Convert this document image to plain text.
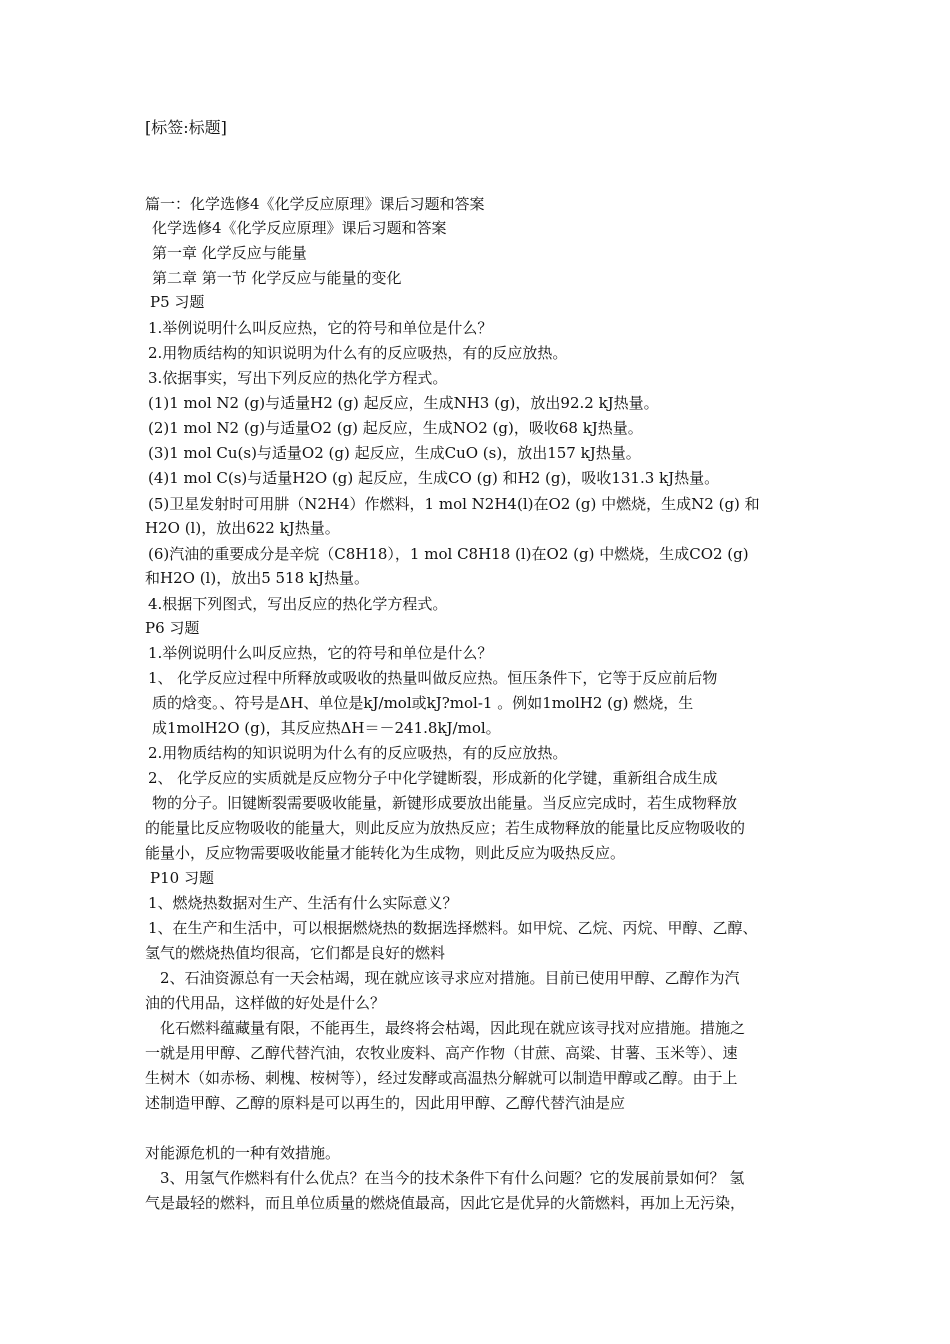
[标签:标题]
篇一：化学选修4《化学反应原理》课后习题和答案
化学选修4《化学反应原理》课后习题和答案
第一章 化学反应与能量
第二章 第一节 化学反应与能量的变化
P5 习题
1.举例说明什么叫反应热，它的符号和单位是什么？
2.用物质结构的知识说明为什么有的反应吸热，有的反应放热。
3.依据事实，写出下列反应的热化学方程式。
(1)1 mol N2 (g)与适量H2 (g) 起反应，生成NH3 (g)，放出92.2 kJ热量。
(2)1 mol N2 (g)与适量O2 (g) 起反应，生成NO2 (g)，吸收68 kJ热量。
(3)1 mol Cu(s)与适量O2 (g) 起反应，生成CuO (s)，放出157 kJ热量。
(4)1 mol C(s)与适量H2O (g) 起反应，生成CO (g) 和H2 (g)，吸收131.3 kJ热量。
(5)卫星发射时可用肼（N2H4）作燃料，1 mol N2H4(l)在O2 (g) 中燃烧，生成N2 (g) 和
H2O (l)，放出622 kJ热量。
(6)汽油的重要成分是辛烷（C8H18），1 mol C8H18 (l)在O2 (g) 中燃烧，生成CO2 (g)
和H2O (l)，放出5 518 kJ热量。
4.根据下列图式，写出反应的热化学方程式。
P6 习题
1.举例说明什么叫反应热，它的符号和单位是什么？
1、 化学反应过程中所释放或吸收的热量叫做反应热。恒压条件下，它等于反应前后物
质的焓变。、符号是ΔH、单位是kJ/mol或kJ?mol-1 。例如1molH2 (g) 燃烧，生
成1molH2O (g)，其反应热ΔH＝－241.8kJ/mol。
2.用物质结构的知识说明为什么有的反应吸热，有的反应放热。
2、 化学反应的实质就是反应物分子中化学键断裂，形成新的化学键，重新组合成生成
物的分子。旧键断裂需要吸收能量，新键形成要放出能量。当反应完成时，若生成物释放
的能量比反应物吸收的能量大，则此反应为放热反应；若生成物释放的能量比反应物吸收的
能量小，反应物需要吸收能量才能转化为生成物，则此反应为吸热反应。
P10 习题
1、燃烧热数据对生产、生活有什么实际意义？
1、在生产和生活中，可以根据燃烧热的数据选择燃料。如甲烷、乙烷、丙烷、甲醇、乙醇、
氢气的燃烧热值均很高，它们都是良好的燃料
2、石油资源总有一天会枯竭，现在就应该寻求应对措施。目前已使用甲醇、乙醇作为汽
油的代用品，这样做的好处是什么？
化石燃料蕴藏量有限，不能再生，最终将会枯竭，因此现在就应该寻找对应措施。措施之
一就是用甲醇、乙醇代替汽油，农牧业废料、高产作物（甘蔗、高粱、甘薯、玉米等）、速
生树木（如赤杨、刺槐、桉树等），经过发酵或高温热分解就可以制造甲醇或乙醇。由于上
述制造甲醇、乙醇的原料是可以再生的，因此用甲醇、乙醇代替汽油是应
对能源危机的一种有效措施。
3、用氢气作燃料有什么优点？在当今的技术条件下有什么问题？它的发展前景如何？ 氢
气是最轻的燃料，而且单位质量的燃烧值最高，因此它是优异的火箭燃料，再加上无污染，
